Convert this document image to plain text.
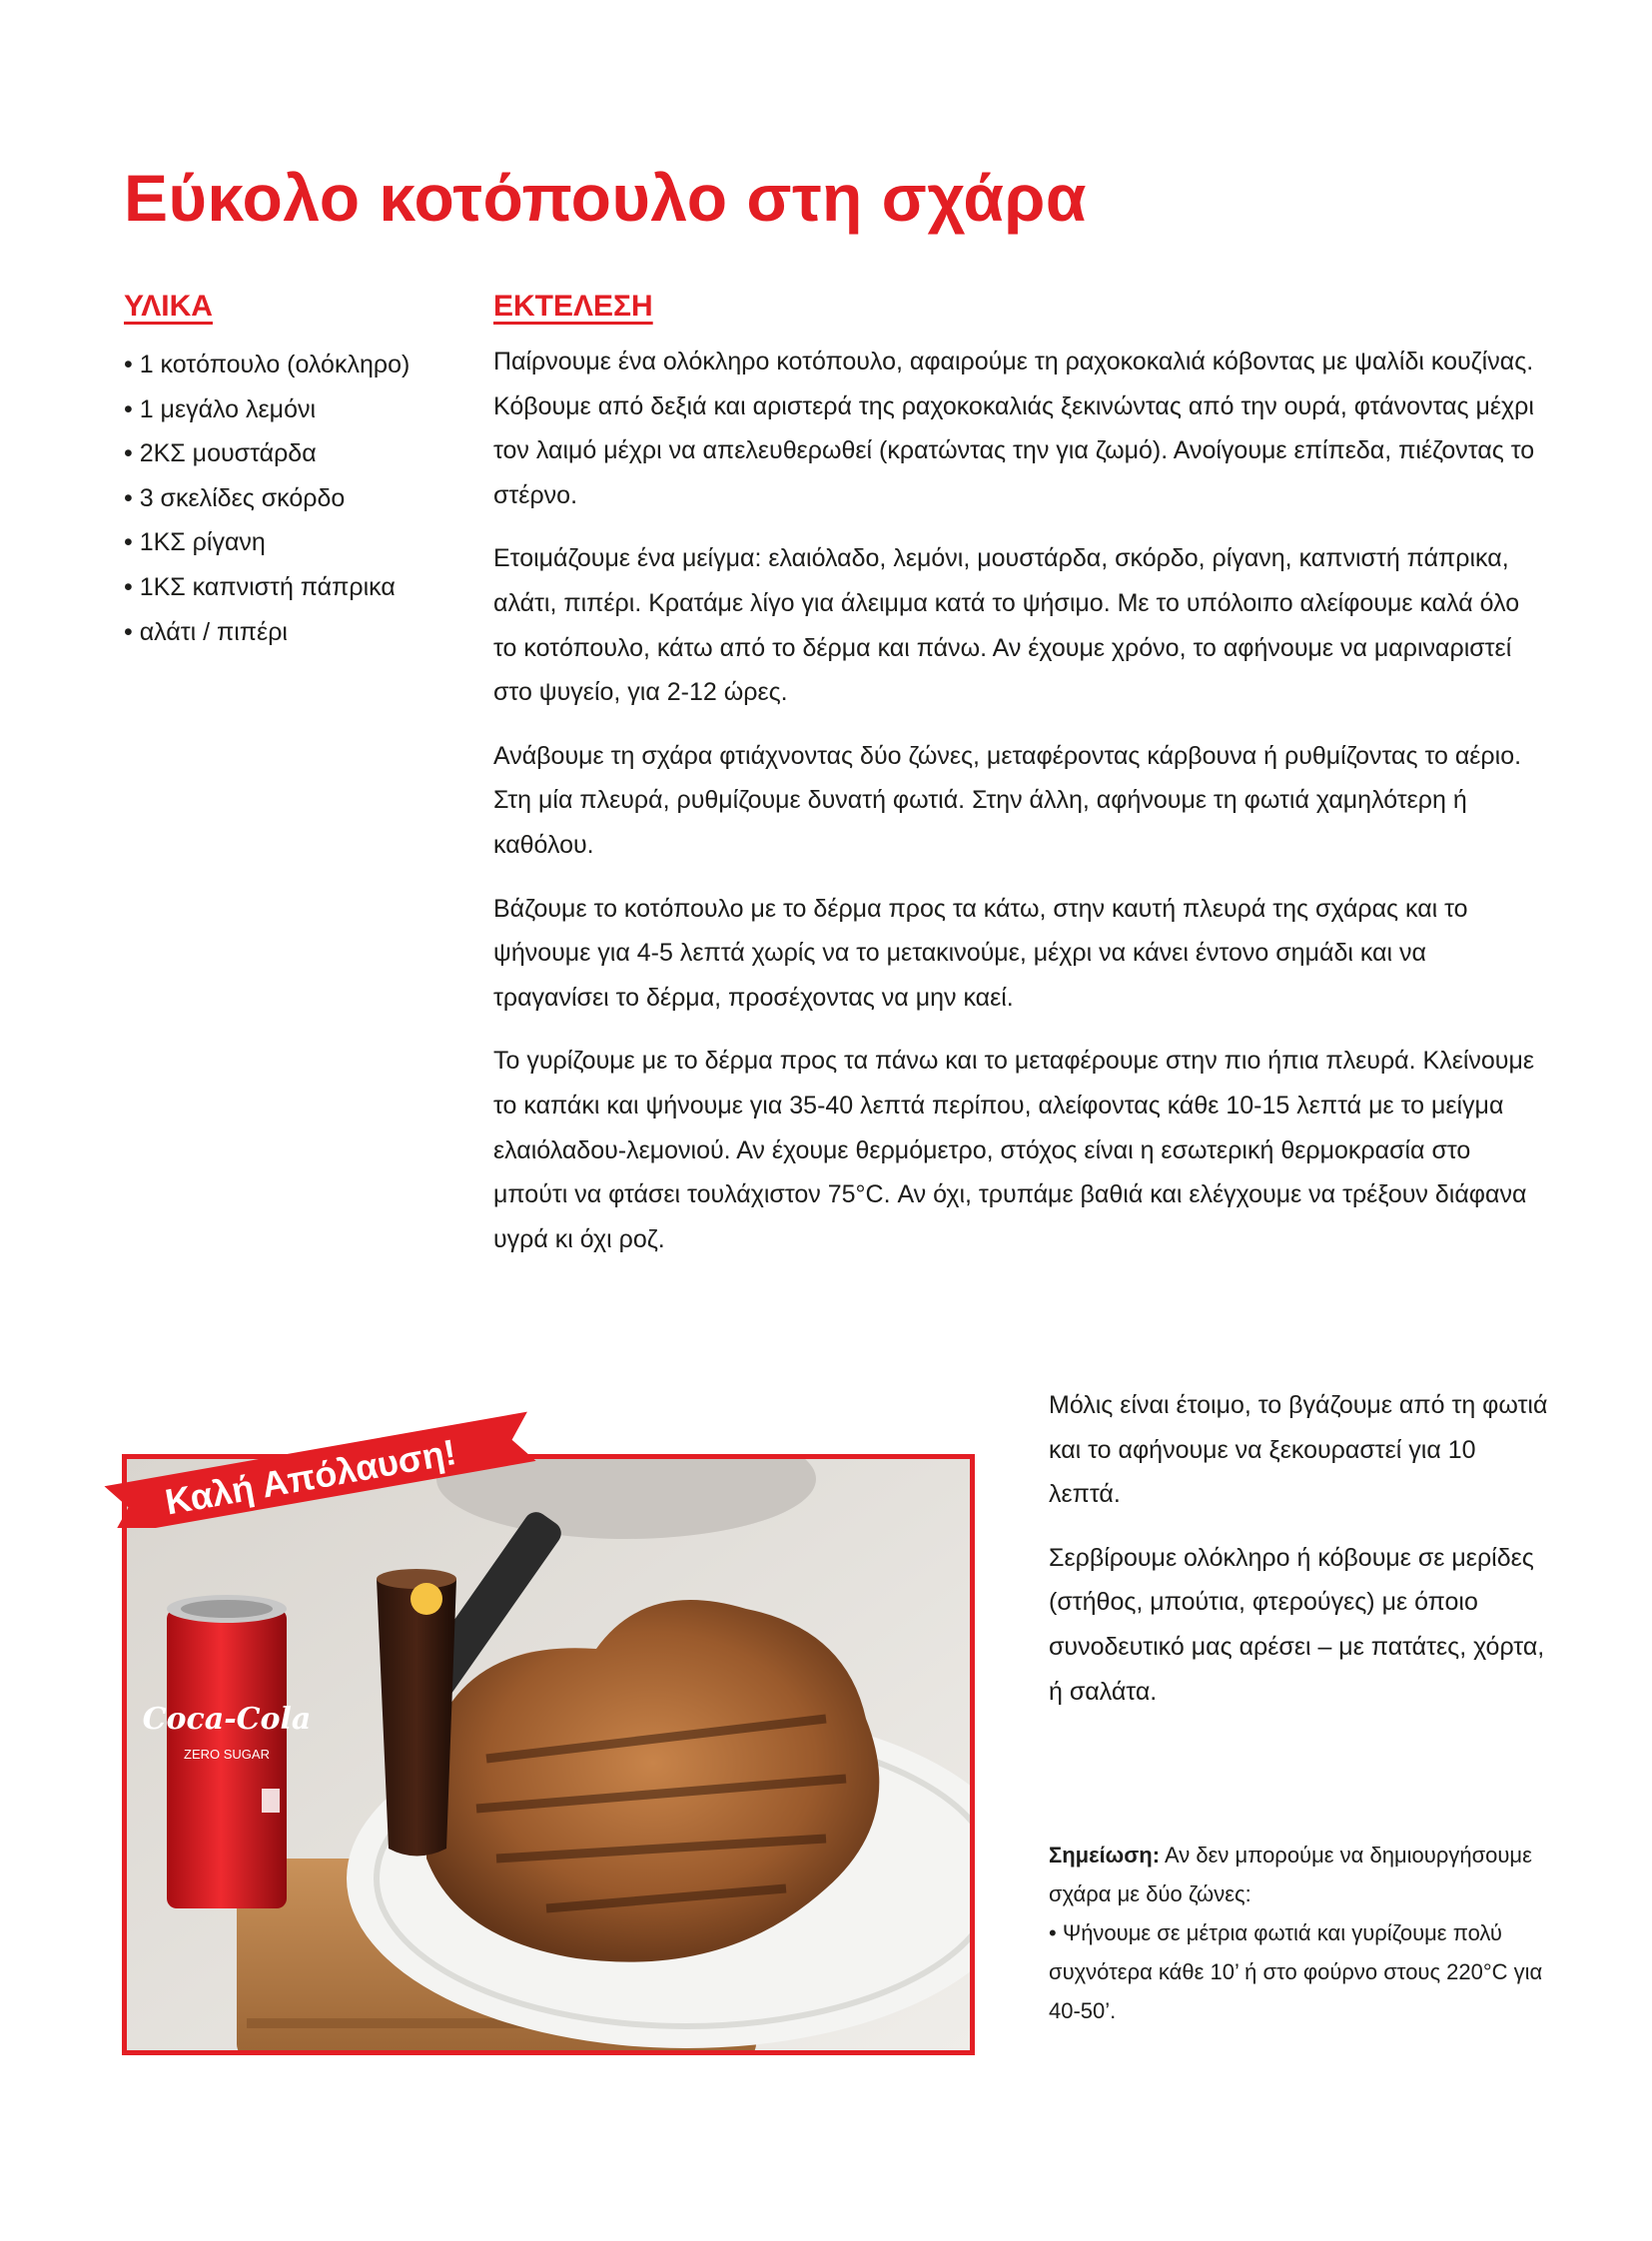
Εύκολο κοτόπουλο στη σχάρα
ΥΛΙΚΑ	ΕΚΤΕΛΕΣΗ
• 1 κοτόπουλο (ολόκληρο)
• 1 μεγάλο λεμόνι
• 2ΚΣ μουστάρδα
• 3 σκελίδες σκόρδο
• 1ΚΣ ρίγανη
• 1ΚΣ καπνιστή πάπρικα
• αλάτι / πιπέρι

Παίρνουμε ένα ολόκληρο κοτόπουλο, αφαιρούμε τη ραχοκοκαλιά κόβοντας με ψαλίδι κουζίνας. Κόβουμε από δεξιά και αριστερά της ραχοκοκαλιάς ξεκινώντας από την ουρά, φτάνοντας μέχρι τον λαιμό μέχρι να απελευθερωθεί (κρατώντας την για ζωμό). Ανοίγουμε επίπεδα, πιέζοντας το στέρνο.

Ετοιμάζουμε ένα μείγμα: ελαιόλαδο, λεμόνι, μουστάρδα, σκόρδο, ρίγανη, καπνιστή πάπρικα, αλάτι, πιπέρι. Κρατάμε λίγο για άλειμμα κατά το ψήσιμο. Με το υπόλοιπο αλείφουμε καλά όλο το κοτόπουλο, κάτω από το δέρμα και πάνω. Αν έχουμε χρόνο, το αφήνουμε να μαριναριστεί στο ψυγείο, για 2-12 ώρες.

Ανάβουμε τη σχάρα φτιάχνοντας δύο ζώνες, μεταφέροντας κάρβουνα ή ρυθμίζοντας το αέριο. Στη μία πλευρά, ρυθμίζουμε δυνατή φωτιά. Στην άλλη, αφήνουμε τη φωτιά χαμηλότερη ή καθόλου.

Βάζουμε το κοτόπουλο με το δέρμα προς τα κάτω, στην καυτή πλευρά της σχάρας και το ψήνουμε για 4-5 λεπτά χωρίς να το μετακινούμε, μέχρι να κάνει έντονο σημάδι και να τραγανίσει το δέρμα, προσέχοντας να μην καεί.

Το γυρίζουμε με το δέρμα προς τα πάνω και το μεταφέρουμε στην πιο ήπια πλευρά. Κλείνουμε το καπάκι και ψήνουμε για 35-40 λεπτά περίπου, αλείφοντας κάθε 10-15 λεπτά με το μείγμα ελαιόλαδου-λεμονιού. Αν έχουμε θερμόμετρο, στόχος είναι η εσωτερική θερμοκρασία στο μπούτι να φτάσει τουλάχιστον 75°C. Αν όχι, τρυπάμε βαθιά και ελέγχουμε να τρέξουν διάφανα υγρά κι όχι ροζ.

Μόλις είναι έτοιμο, το βγάζουμε από τη φωτιά και το αφήνουμε να ξεκουραστεί για 10 λεπτά.

Σερβίρουμε ολόκληρο ή κόβουμε σε μερίδες (στήθος, μπούτια, φτερούγες) με όποιο συνοδευτικό μας αρέσει – με πατάτες, χόρτα, ή σαλάτα.

Σημείωση: Αν δεν μπορούμε να δημιουργήσουμε σχάρα με δύο ζώνες:
• Ψήνουμε σε μέτρια φωτιά και γυρίζουμε πολύ συχνότερα κάθε 10’ ή στο φούρνο στους 220°C για 40-50’.

Coca-Cola
ZERO SUGAR
Καλή Απόλαυση!
